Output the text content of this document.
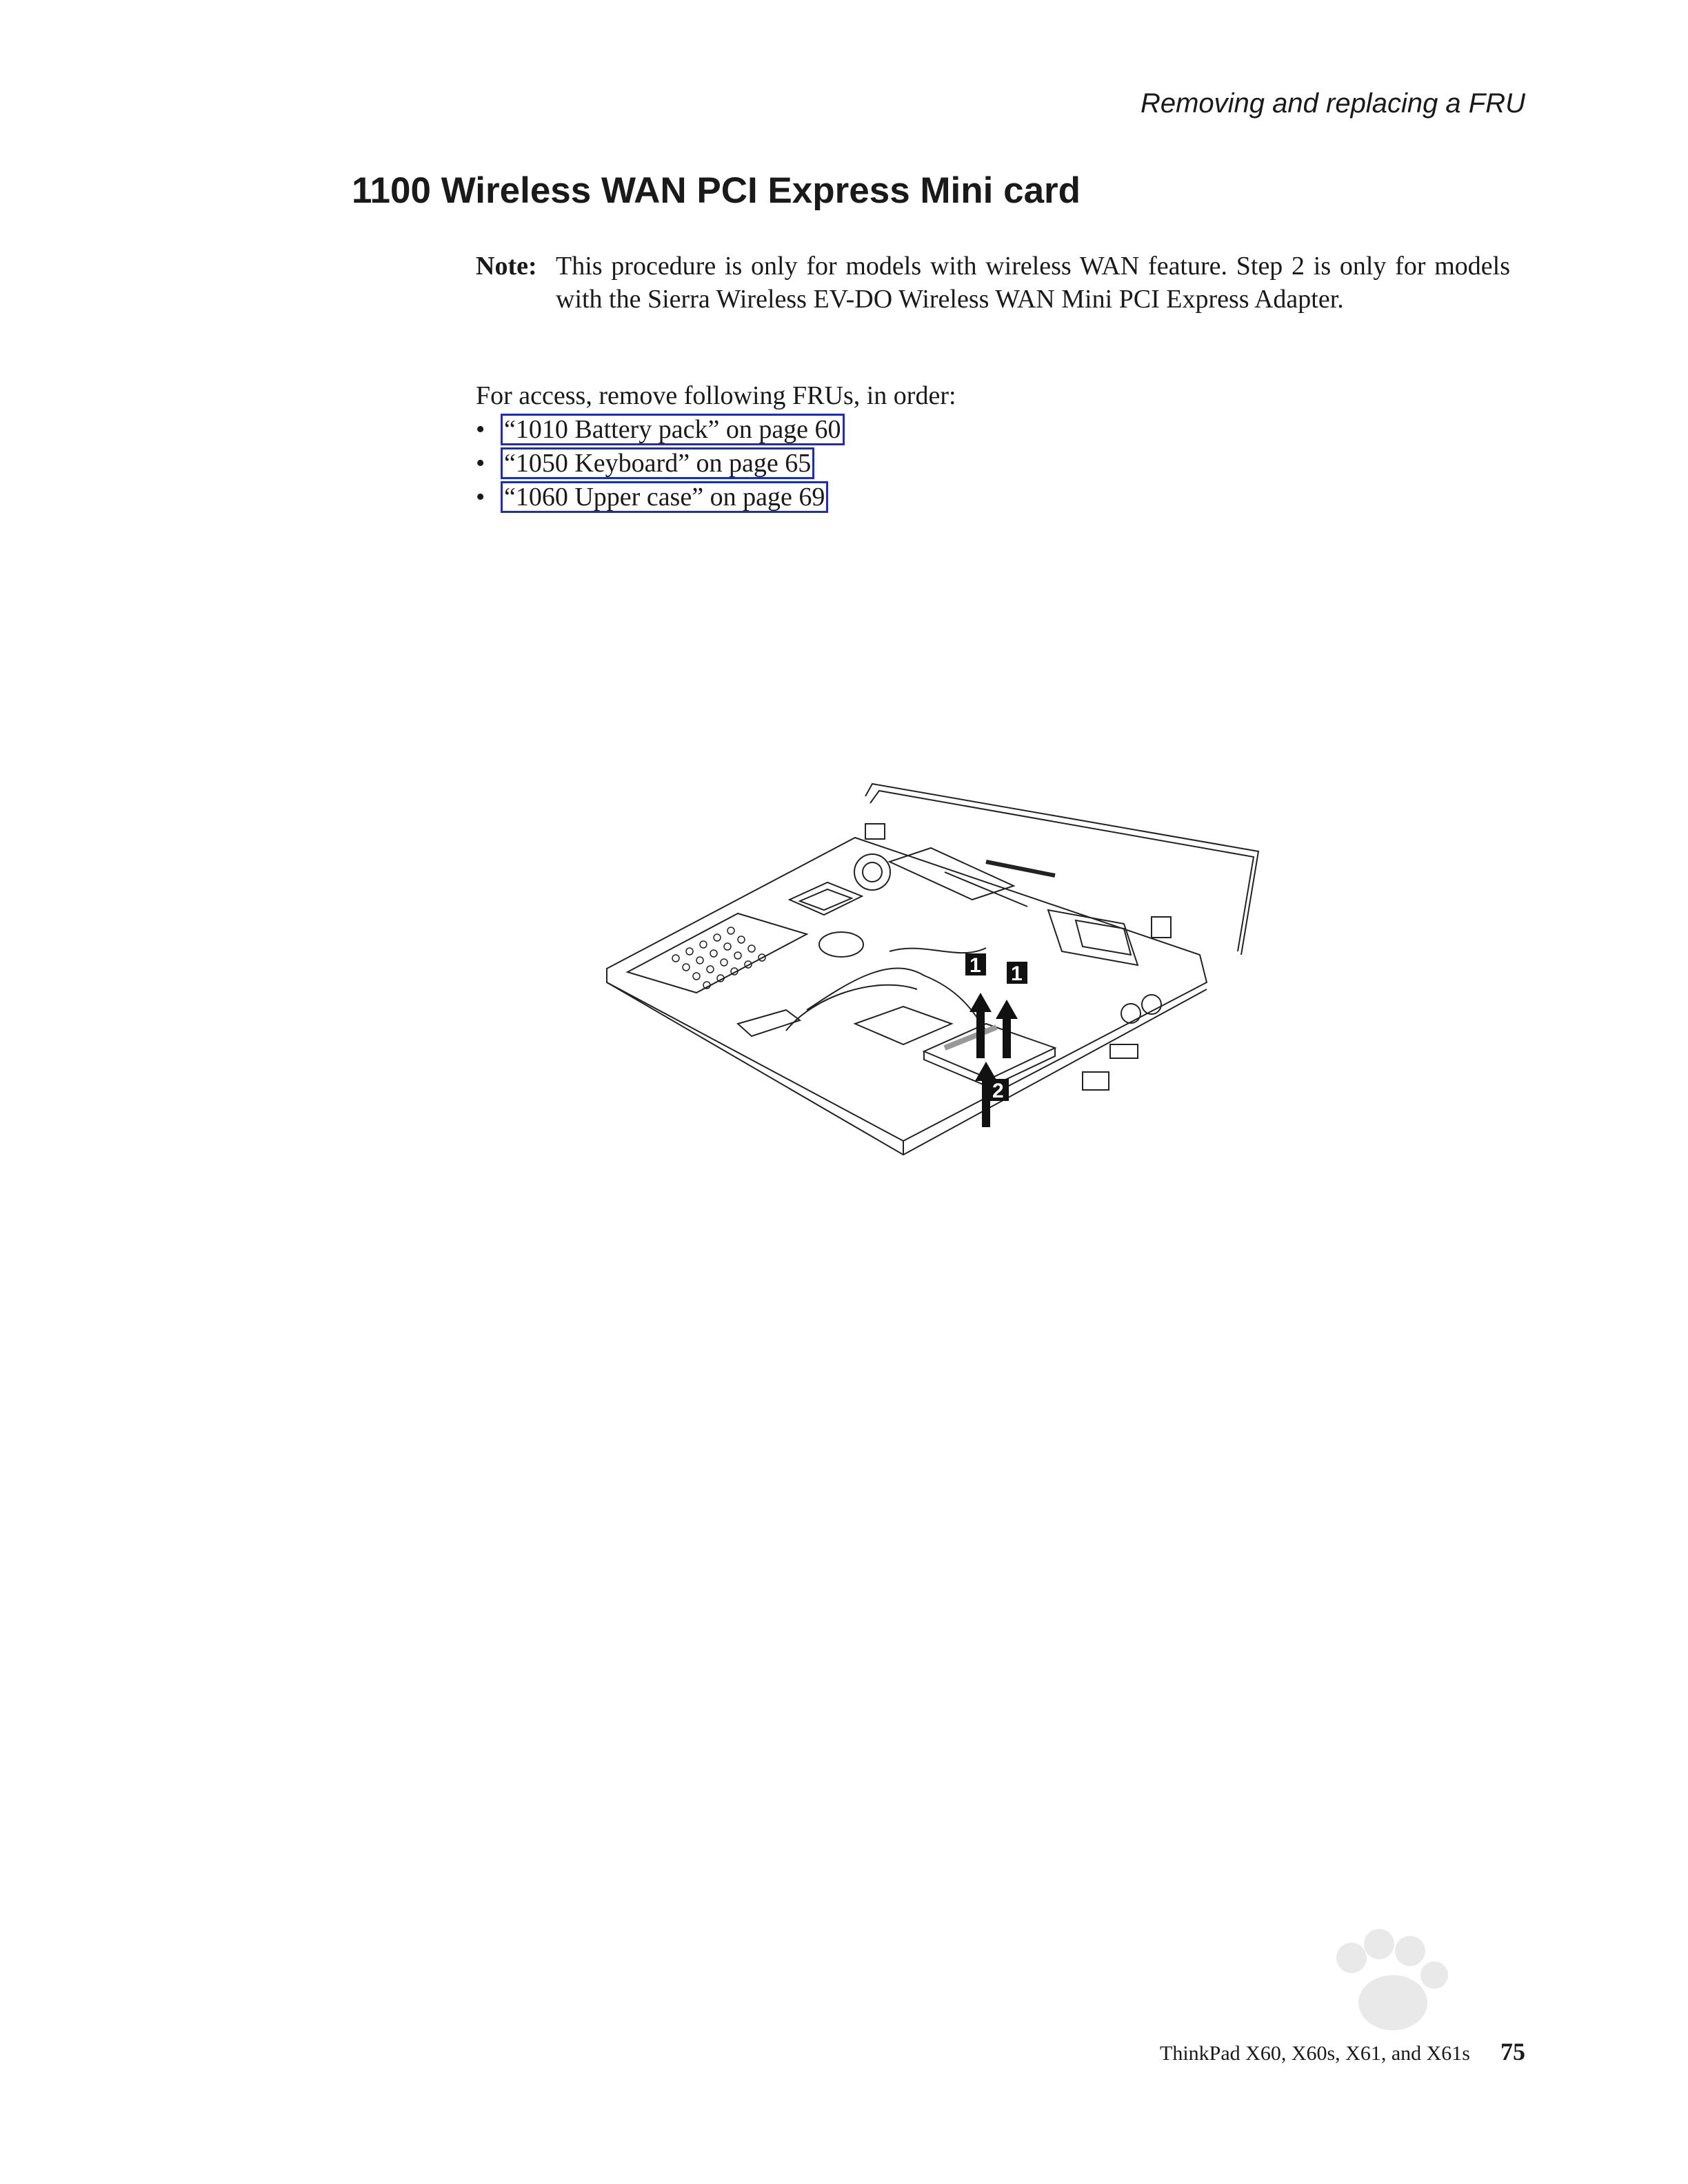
Removing and replacing a FRU
1100 Wireless WAN PCI Express Mini card
Note: This procedure is only for models with wireless WAN feature. Step 2 is only for models with the Sierra Wireless EV-DO Wireless WAN Mini PCI Express Adapter.
For access, remove following FRUs, in order:
• “1010 Battery pack” on page 60
• “1050 Keyboard” on page 65
• “1060 Upper case” on page 69
1 1
2
ThinkPad X60, X60s, X61, and X61s 75
